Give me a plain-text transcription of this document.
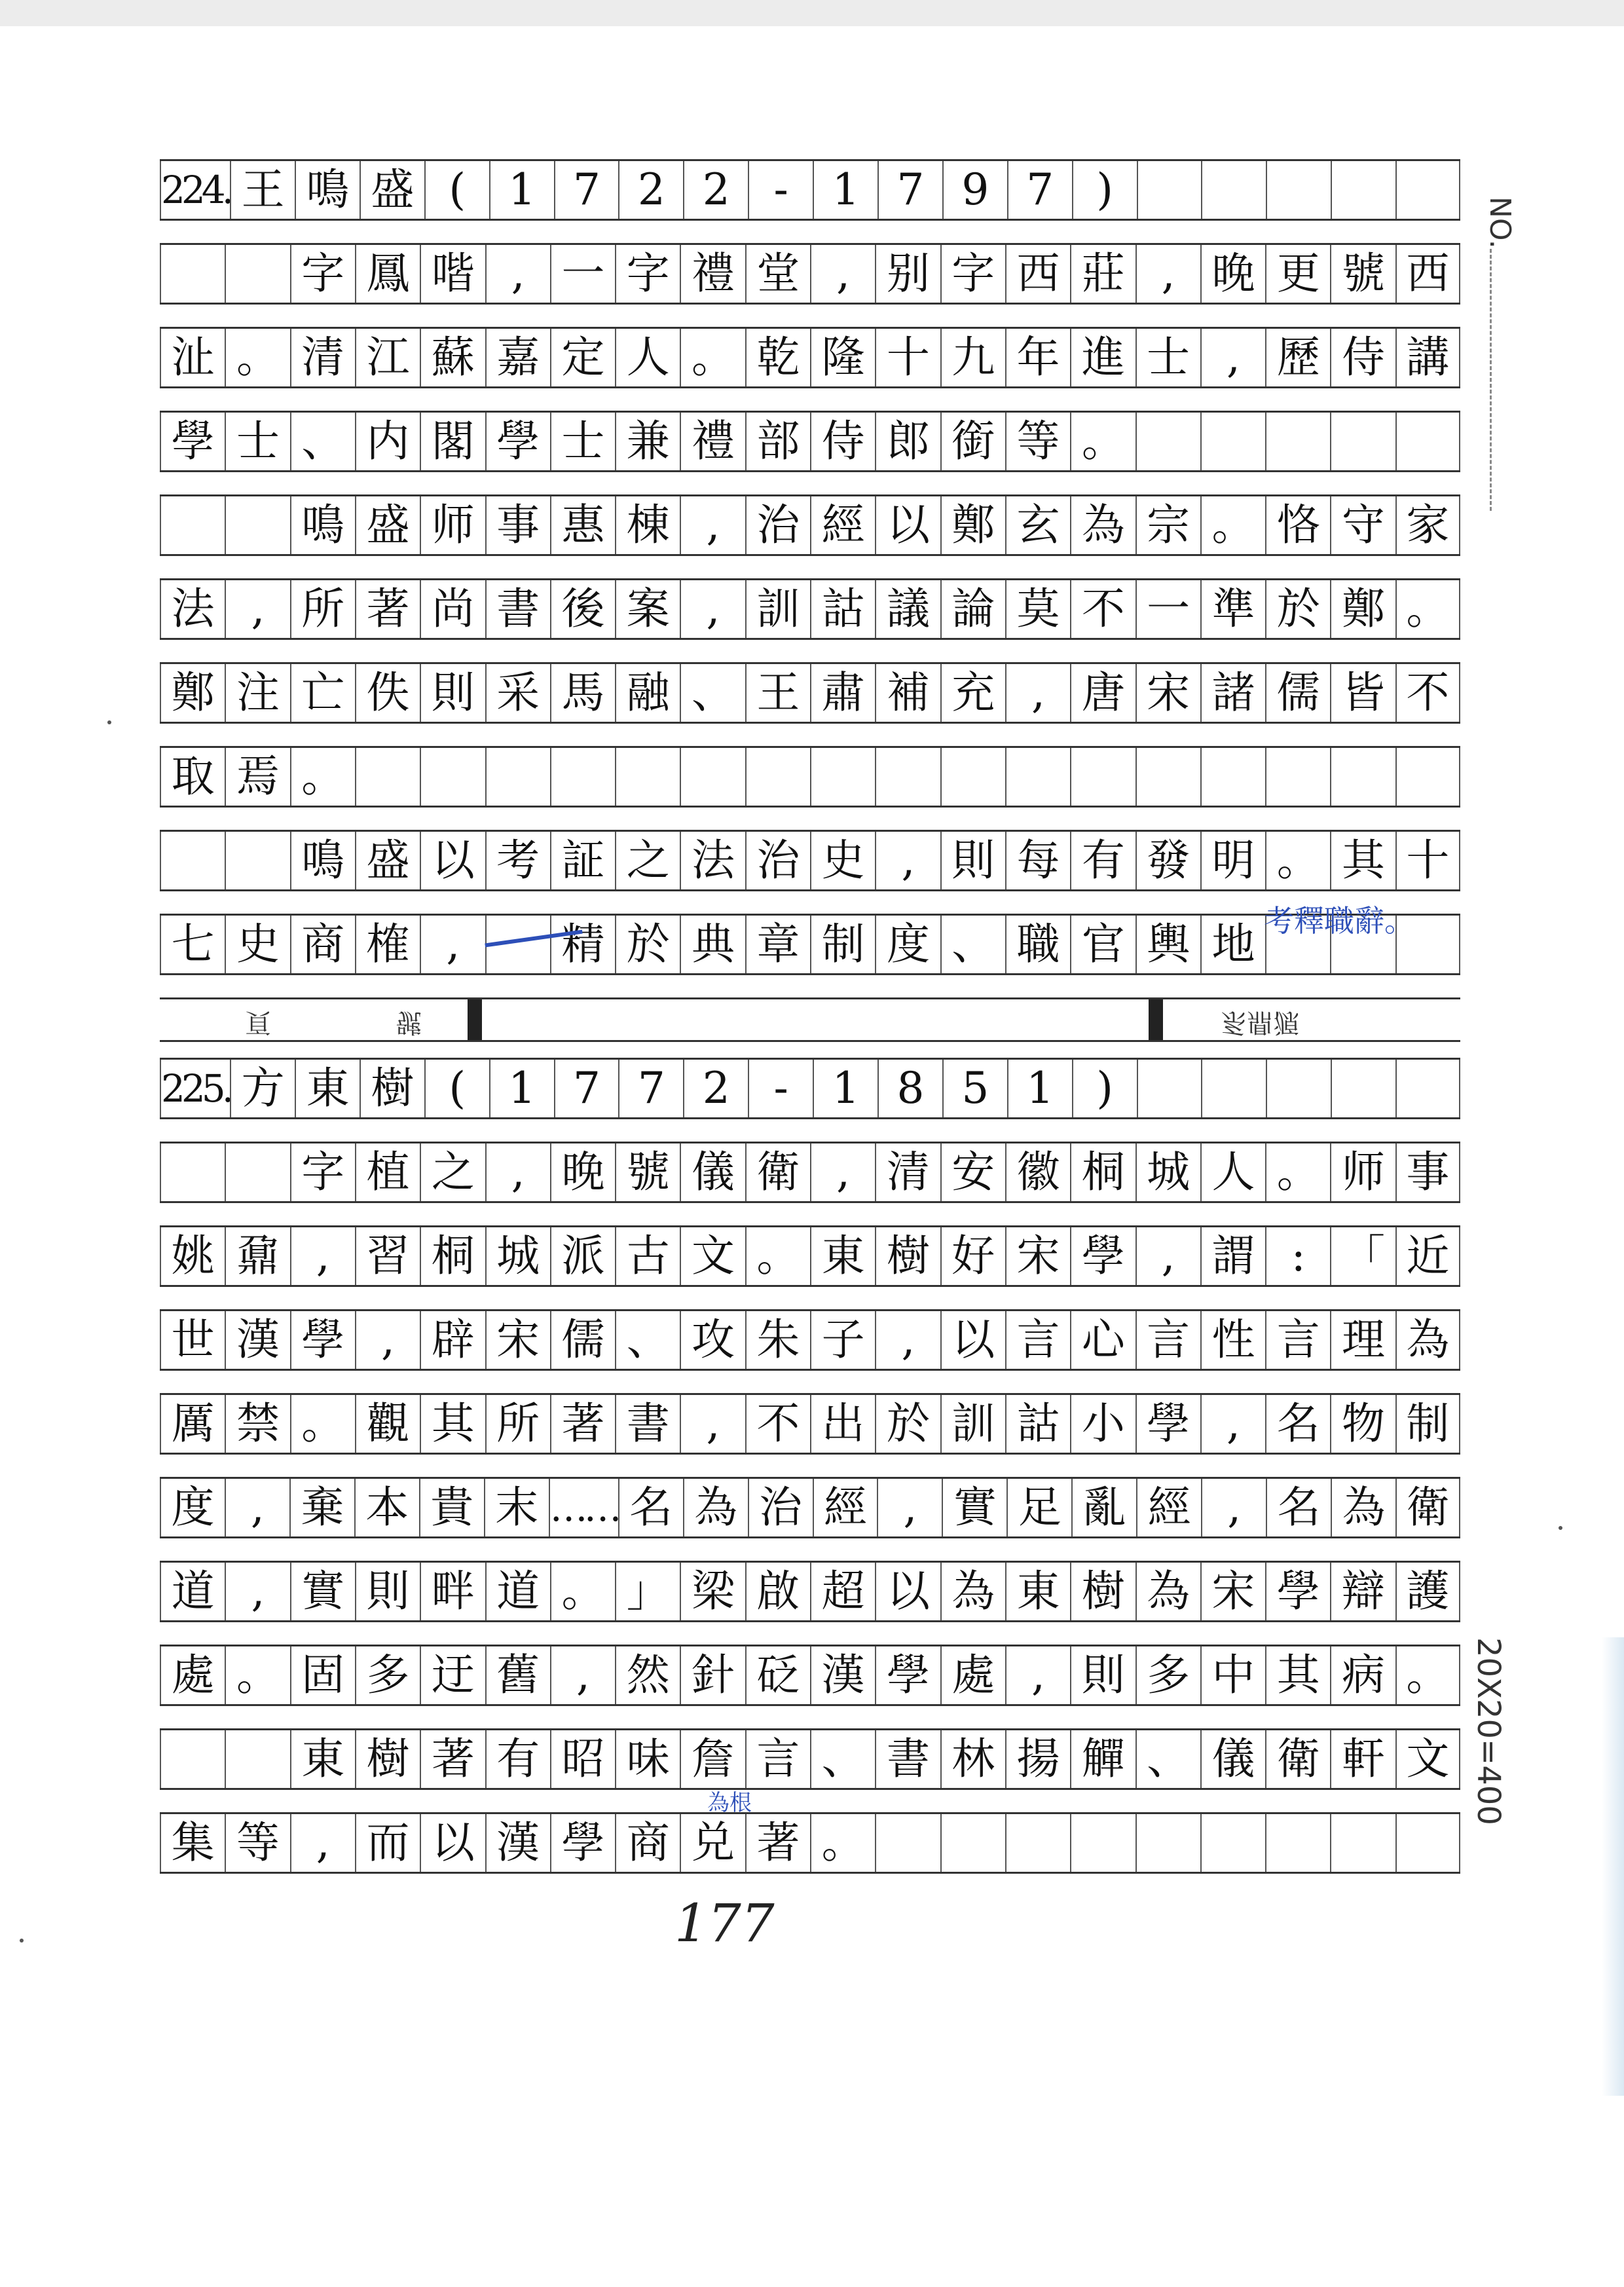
NO.
20X20=400
224. 王 鳴 盛 ( 1 7 2 2	-	1 7 9 7 )
字 鳳 喈 , 一 字 禮 堂 , 别 字 西 莊 , 晚 更 號 西
沚 。 清 江 蘇 嘉 定 人 。 乾 隆 十 九 年 進 士 , 歷 侍 講
學 士 、 内 閣 學 士 兼 禮 部 侍 郎 銜 等 。
鳴 盛 师 事 惠 棟 , 治 經 以 鄭 玄 為 宗 。 恪 守 家
法 , 所 著 尚 書 後 案 , 訓 詁 議 論 莫 不 一 準 於 鄭 。
鄭 注 亡 佚 則 采 馬 融 、 王 肅 補 充 , 唐 宋 諸 儒 皆 不
取 焉 。
鳴 盛 以 考 証 之 法 治 史 , 則 每 有 發 明 。 其 十
七 史 商 榷 ,	精 於 典 章 制 度 、 職 官 輿 地
頁	號	系鼎源
225. 方 東 樹 ( 1 7 7 2	-	1 8 5 1 )
字 植 之 , 晚 號 儀 衛 , 清 安 徽 桐 城 人 。 师 事
姚 鼐 , 習 桐 城 派 古 文 。 東 樹 好 宋 學 , 謂 : 「 近
世 漢 學 , 辟 宋 儒 、 攻 朱 子 , 以 言 心 言 性 言 理 為
厲 禁 。 觀 其 所 著 書 , 不 出 於 訓 詁 小 學 , 名 物 制
度 , 棄 本 貴 末 …… 名 為 治 經 , 實 足 亂 經 , 名 為 衛
道 , 實 則 畔 道 。 」 梁 啟 超 以 為 東 樹 為 宋 學 辯 護
處 。 固 多 迂 舊 , 然 針 砭 漢 學 處 , 則 多 中 其 病 。
東 樹 著 有 昭 味 詹 言 、 書 林 揚 觶 、 儀 衛 軒 文
集 等 , 而 以 漢 學 商 兑 著 。
考釋職辭。
為根
177
